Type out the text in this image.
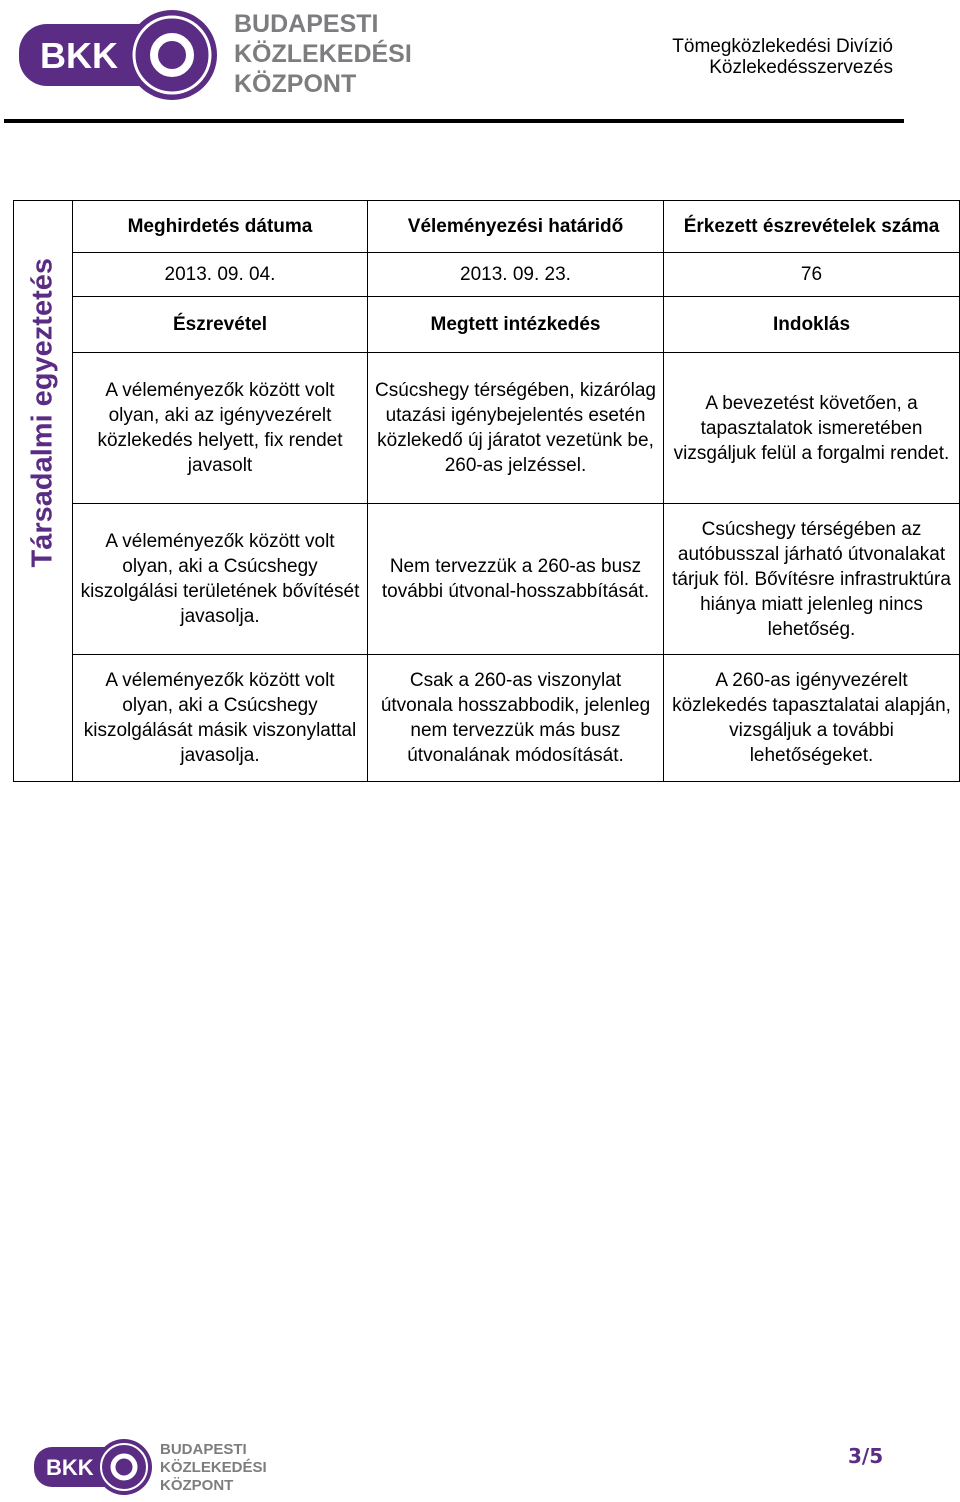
BKK
BUDAPESTI
KÖZLEKEDÉSI
KÖZPONT
Tömegközlekedési Divízió
Közlekedésszervezés
	Meghirdetés dátuma	Véleményezési határidő	Érkezett észrevételek száma
	2013. 09. 04.	2013. 09. 23.	76

Társadalmi egyeztetés	Észrevétel	Megtett intézkedés	Indoklás
	A véleményezők között volt olyan, aki az igényvezérelt közlekedés helyett, fix rendet javasolt	Csúcshegy térségében, kizárólag utazási igénybejelentés esetén közlekedő új járatot vezetünk be, 260-as jelzéssel.	A bevezetést követően, a tapasztalatok ismeretében vizsgáljuk felül a forgalmi rendet.
	A véleményezők között volt olyan, aki a Csúcshegy kiszolgálási területének bővítését javasolja.	Nem tervezzük a 260-as busz további útvonal-hosszabbítását.	Csúcshegy térségében az autóbusszal járható útvonalakat tárjuk föl. Bővítésre infrastruktúra hiánya miatt jelenleg nincs lehetőség.
	A véleményezők között volt olyan, aki a Csúcshegy kiszolgálását másik viszonylattal javasolja.	Csak a 260-as viszonylat útvonala hosszabbodik, jelenleg nem tervezzük más busz útvonalának módosítását.	A 260-as igényvezérelt közlekedés tapasztalatai alapján, vizsgáljuk a további lehetőségeket.
BKK
BUDAPESTI
KÖZLEKEDÉSI
KÖZPONT
3/5
